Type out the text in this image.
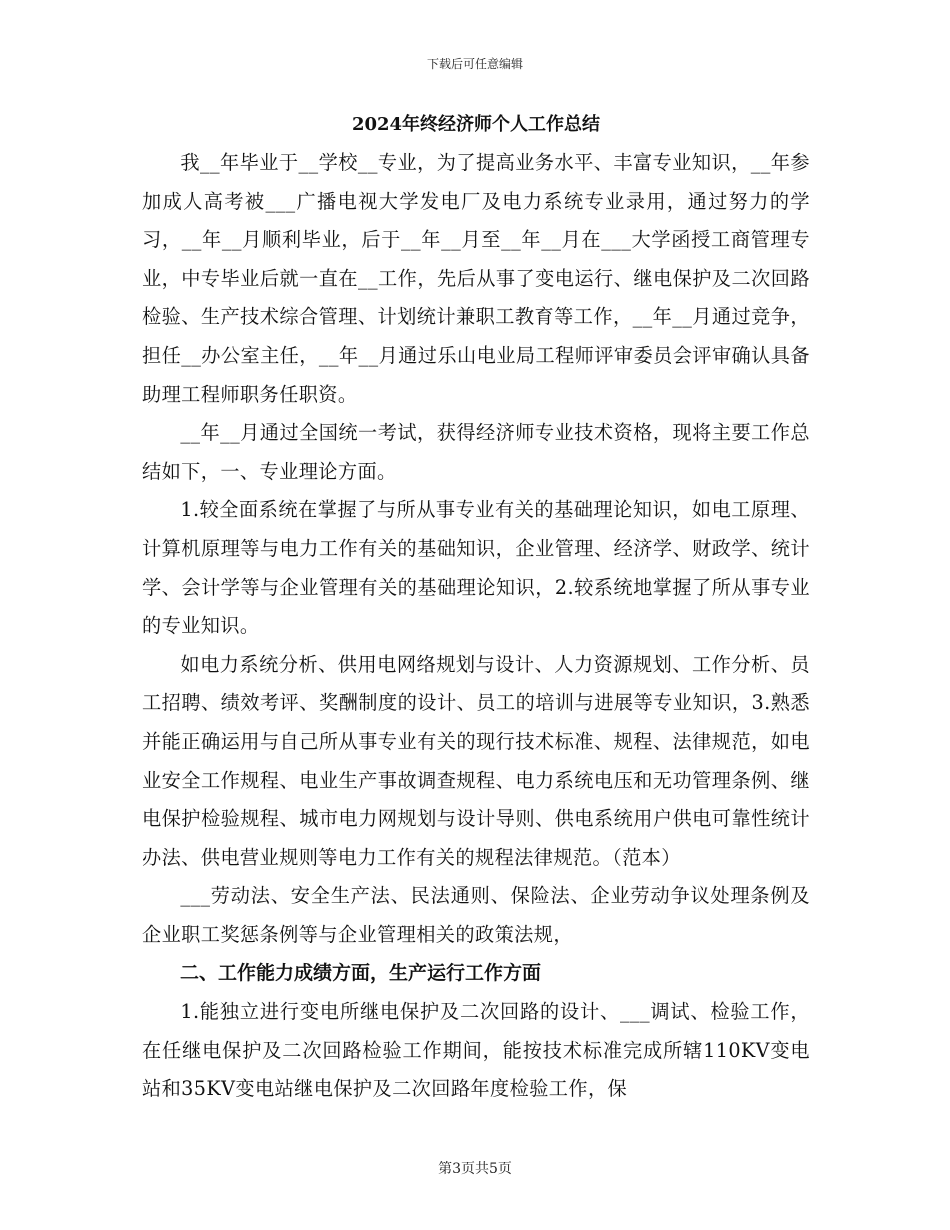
下载后可任意编辑
2024年终经济师个人工作总结

我__年毕业于__学校__专业，为了提高业务水平、丰富专业知识，__年参加成人高考被___广播电视大学发电厂及电力系统专业录用，通过努力的学习，__年__月顺利毕业，后于__年__月至__年__月在___大学函授工商管理专业，中专毕业后就一直在__工作，先后从事了变电运行、继电保护及二次回路检验、生产技术综合管理、计划统计兼职工教育等工作，__年__月通过竞争，担任__办公室主任，__年__月通过乐山电业局工程师评审委员会评审确认具备助理工程师职务任职资。

__年__月通过全国统一考试，获得经济师专业技术资格，现将主要工作总结如下，一、专业理论方面。

1.较全面系统在掌握了与所从事专业有关的基础理论知识，如电工原理、计算机原理等与电力工作有关的基础知识，企业管理、经济学、财政学、统计学、会计学等与企业管理有关的基础理论知识，2.较系统地掌握了所从事专业的专业知识。

如电力系统分析、供用电网络规划与设计、人力资源规划、工作分析、员工招聘、绩效考评、奖酬制度的设计、员工的培训与进展等专业知识，3.熟悉并能正确运用与自己所从事专业有关的现行技术标准、规程、法律规范，如电业安全工作规程、电业生产事故调查规程、电力系统电压和无功管理条例、继电保护检验规程、城市电力网规划与设计导则、供电系统用户供电可靠性统计办法、供电营业规则等电力工作有关的规程法律规范。（范本）

___劳动法、安全生产法、民法通则、保险法、企业劳动争议处理条例及企业职工奖惩条例等与企业管理相关的政策法规，

二、工作能力成绩方面，生产运行工作方面

1.能独立进行变电所继电保护及二次回路的设计、___调试、检验工作，在任继电保护及二次回路检验工作期间，能按技术标准完成所辖110KV变电站和35KV变电站继电保护及二次回路年度检验工作，保

第3页共5页
